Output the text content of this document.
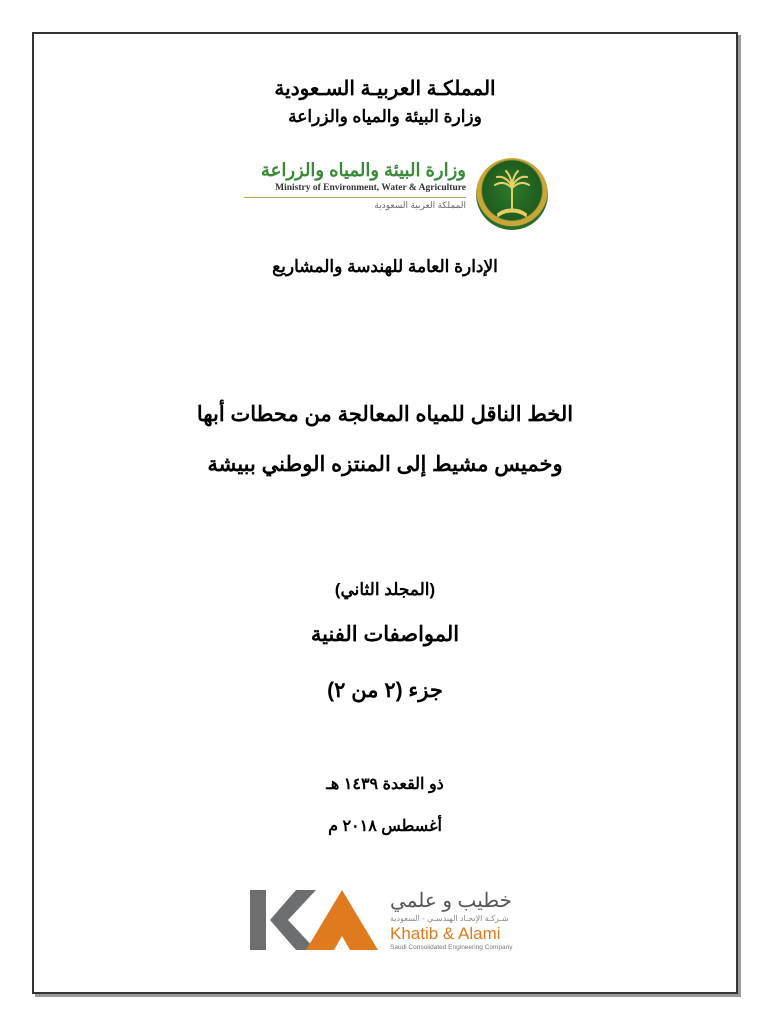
المملكـة العربيـة السـعودية
وزارة البيئة والمياه والزراعة
وزارة البيئة والمياه والزراعة
Ministry of Environment, Water & Agriculture
المملكة العربية السعودية
الإدارة العامة للهندسة والمشاريع
الخط الناقل للمياه المعالجة من محطات أبها
وخميس مشيط إلى المنتزه الوطني ببيشة
(المجلد الثاني)
المواصفات الفنية
جزء (٢ من ٢)
ذو القعدة ١٤٣٩ هـ
أغسطس ٢٠١٨ م
خطيب و علمي
شـركـة الإتحـاد الهندسـي - السعودية
Khatib & Alami
Saudi Consolidated Engineering Company
